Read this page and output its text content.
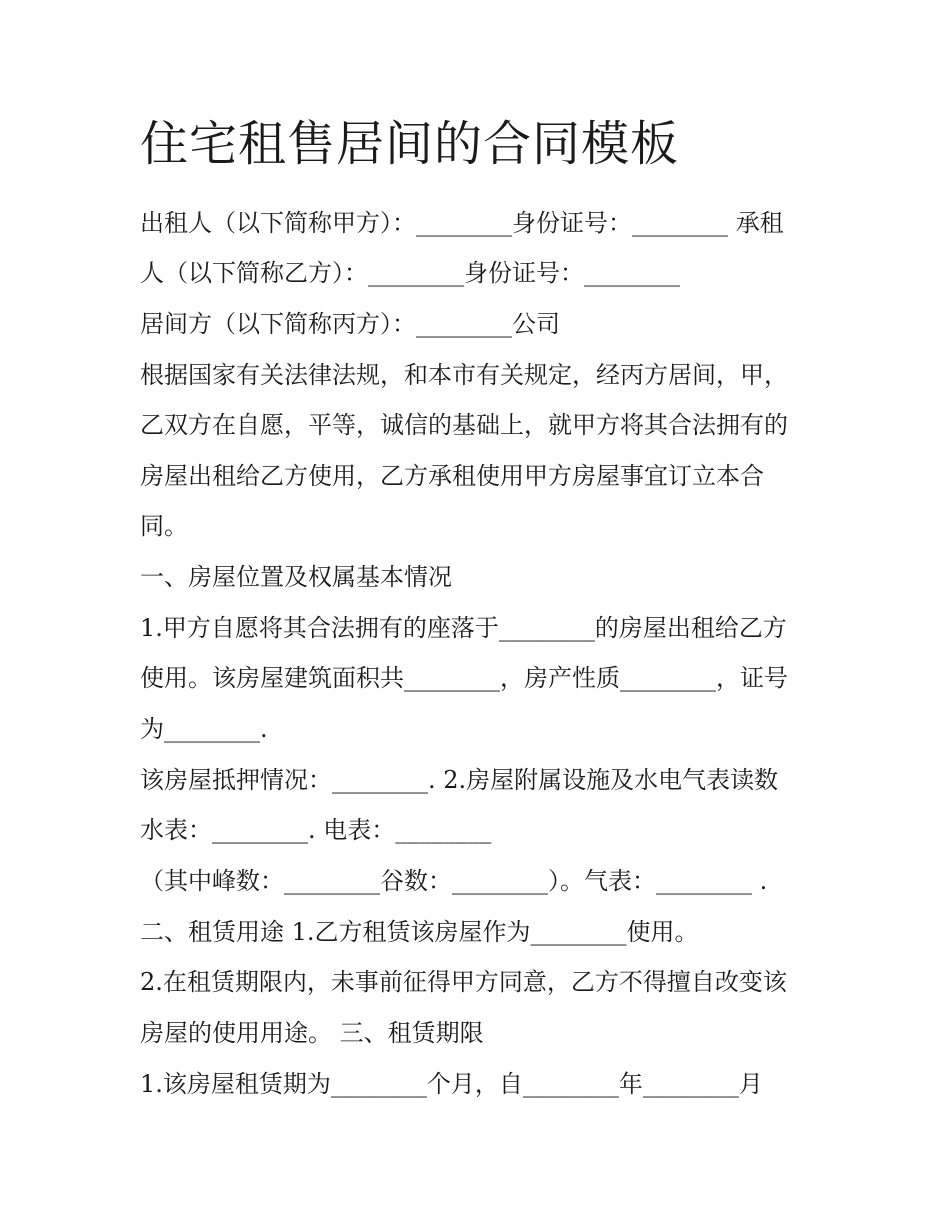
住宅租售居间的合同模板
出租人（以下简称甲方）：________身份证号：________ 承租
人（以下简称乙方）：________身份证号：________
居间方（以下简称丙方）：________公司
根据国家有关法律法规，和本市有关规定，经丙方居间，甲，
乙双方在自愿，平等，诚信的基础上，就甲方将其合法拥有的
房屋出租给乙方使用，乙方承租使用甲方房屋事宜订立本合
同。
一、房屋位置及权属基本情况
1.甲方自愿将其合法拥有的座落于________的房屋出租给乙方
使用。该房屋建筑面积共________，房产性质________，证号
为________.
该房屋抵押情况：________. 2.房屋附属设施及水电气表读数
水表：________. 电表：________
（其中峰数：________谷数：________）。气表：________ .
二、租赁用途 1.乙方租赁该房屋作为________使用。
2.在租赁期限内，未事前征得甲方同意，乙方不得擅自改变该
房屋的使用用途。 三、租赁期限
1.该房屋租赁期为________个月，自________年________月
